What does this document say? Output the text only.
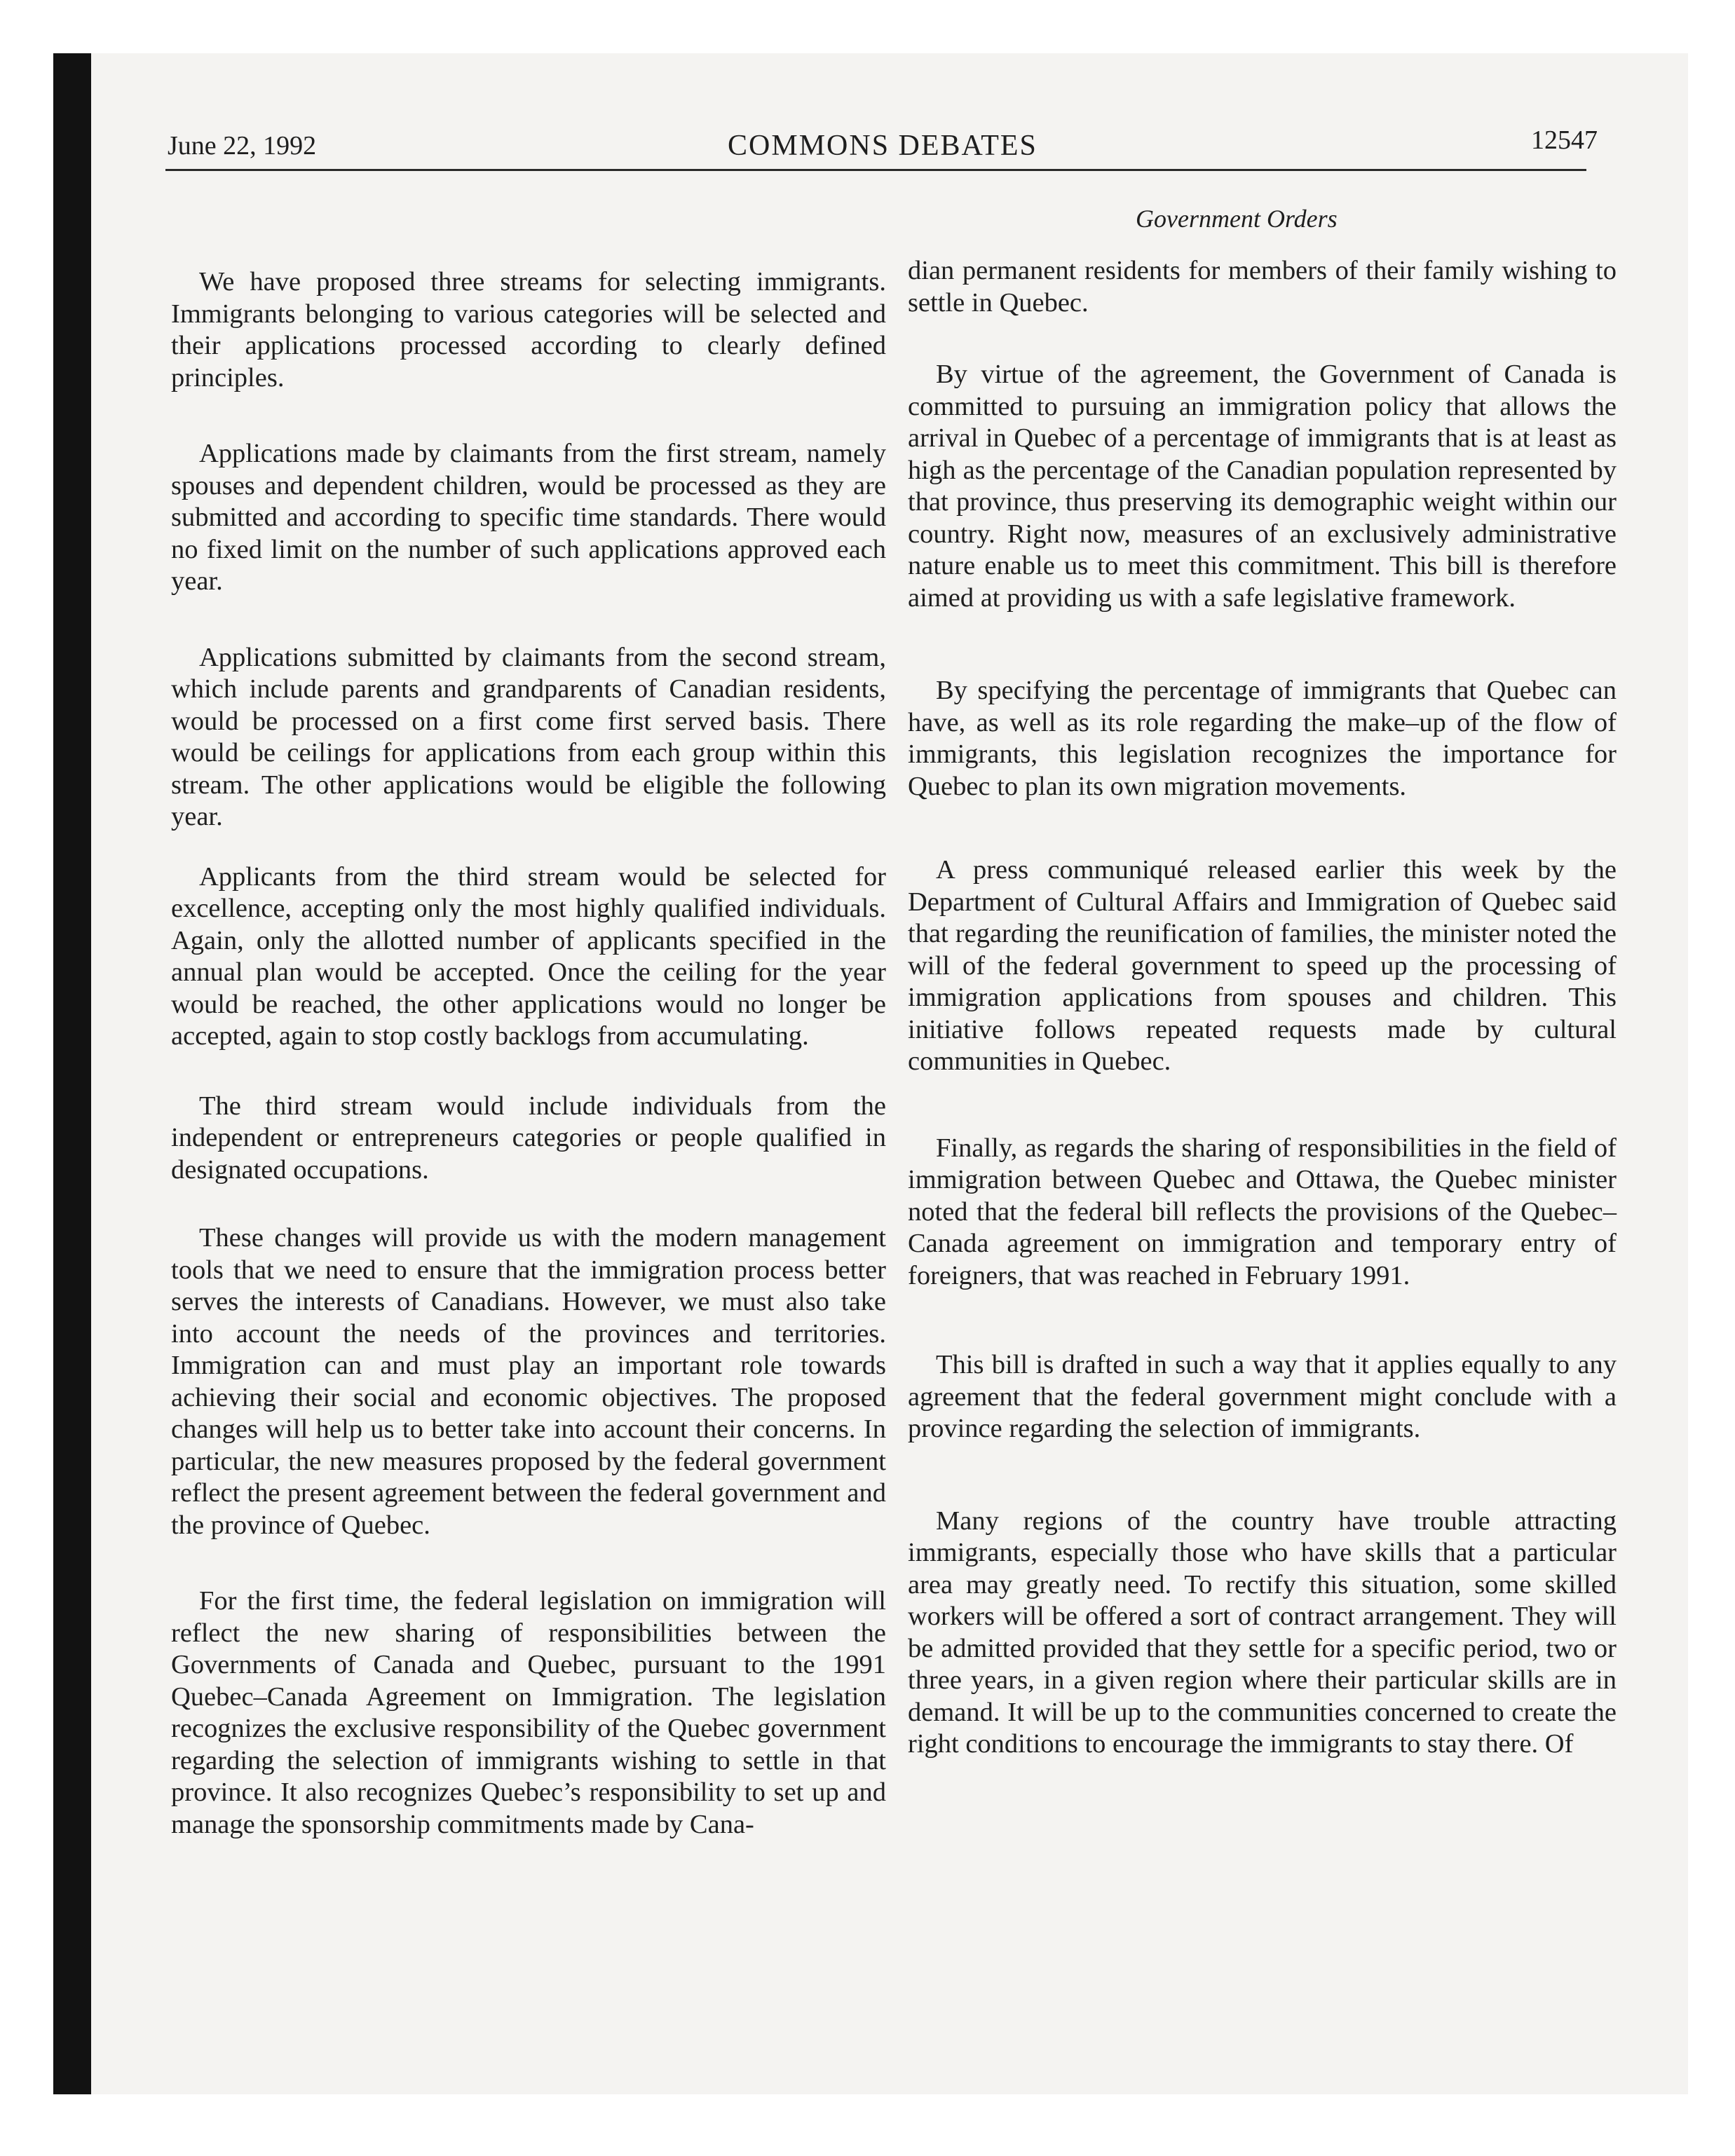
June 22, 1992	COMMONS DEBATES	12547
Government Orders

We have proposed three streams for selecting immigrants. Immigrants belonging to various categories will be selected and their applications processed according to clearly defined principles.

Applications made by claimants from the first stream, namely spouses and dependent children, would be processed as they are submitted and according to specific time standards. There would no fixed limit on the number of such applications approved each year.

Applications submitted by claimants from the second stream, which include parents and grandparents of Canadian residents, would be processed on a first come first served basis. There would be ceilings for applications from each group within this stream. The other applications would be eligible the following year.

Applicants from the third stream would be selected for excellence, accepting only the most highly qualified individuals. Again, only the allotted number of applicants specified in the annual plan would be accepted. Once the ceiling for the year would be reached, the other applications would no longer be accepted, again to stop costly backlogs from accumulating.

The third stream would include individuals from the independent or entrepreneurs categories or people qualified in designated occupations.

These changes will provide us with the modern management tools that we need to ensure that the immigration process better serves the interests of Canadians. However, we must also take into account the needs of the provinces and territories. Immigration can and must play an important role towards achieving their social and economic objectives. The proposed changes will help us to better take into account their concerns. In particular, the new measures proposed by the federal government reflect the present agreement between the federal government and the province of Quebec.

For the first time, the federal legislation on immigration will reflect the new sharing of responsibilities between the Governments of Canada and Quebec, pursuant to the 1991 Quebec–Canada Agreement on Immigration. The legislation recognizes the exclusive responsibility of the Quebec government regarding the selection of immigrants wishing to settle in that province. It also recognizes Quebec’s responsibility to set up and manage the sponsorship commitments made by Cana-

dian permanent residents for members of their family wishing to settle in Quebec.

By virtue of the agreement, the Government of Canada is committed to pursuing an immigration policy that allows the arrival in Quebec of a percentage of immigrants that is at least as high as the percentage of the Canadian population represented by that province, thus preserving its demographic weight within our country. Right now, measures of an exclusively administrative nature enable us to meet this commitment. This bill is therefore aimed at providing us with a safe legislative framework.

By specifying the percentage of immigrants that Quebec can have, as well as its role regarding the make–up of the flow of immigrants, this legislation recognizes the importance for Quebec to plan its own migration movements.

A press communiqué released earlier this week by the Department of Cultural Affairs and Immigration of Quebec said that regarding the reunification of families, the minister noted the will of the federal government to speed up the processing of immigration applications from spouses and children. This initiative follows repeated requests made by cultural communities in Quebec.

Finally, as regards the sharing of responsibilities in the field of immigration between Quebec and Ottawa, the Quebec minister noted that the federal bill reflects the provisions of the Quebec–Canada agreement on immigration and temporary entry of foreigners, that was reached in February 1991.

This bill is drafted in such a way that it applies equally to any agreement that the federal government might conclude with a province regarding the selection of immigrants.

Many regions of the country have trouble attracting immigrants, especially those who have skills that a particular area may greatly need. To rectify this situation, some skilled workers will be offered a sort of contract arrangement. They will be admitted provided that they settle for a specific period, two or three years, in a given region where their particular skills are in demand. It will be up to the communities concerned to create the right conditions to encourage the immigrants to stay there. Of
